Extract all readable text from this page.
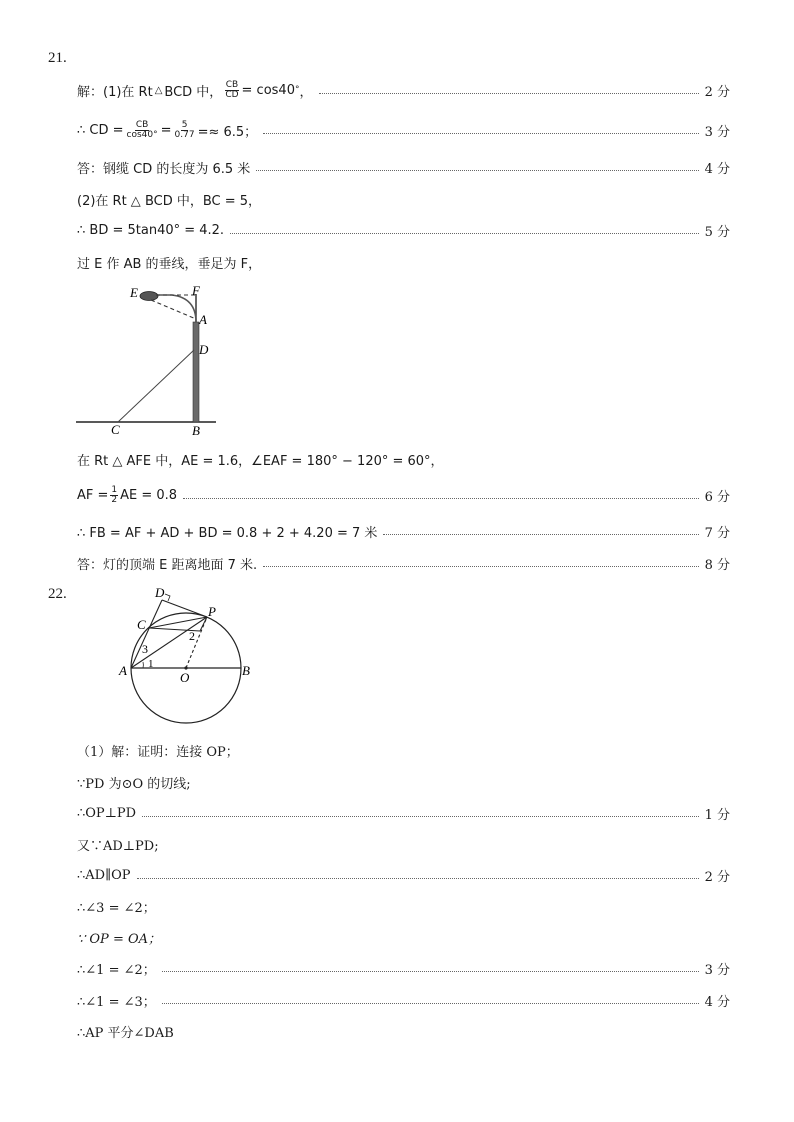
21.
解：(1)在 Rt △ BCD 中， $\frac{CB}{CD} = \cos 40$ ° ，	2 分
∴ CD = $\frac{CB}{\cos 40^\circ} = \frac{5}{0.77} =\approx 6.5$；	3 分
答：钢缆 CD 的长度为 6.5 米	4 分
(2)在 Rt △ BCD 中，BC = 5，
∴ BD = 5tan40° = 4.2.	5 分
过 E 作 AB 的垂线，垂足为 F，
E	F
A
D
C	B
在 Rt △ AFE 中，AE = 1.6，∠EAF = 180° − 120° = 60°，
AF = $\frac{1}{2}$ AE = 0.8	6 分
∴ FB = AF + AD + BD = 0.8 + 2 + 4.20 = 7 米	7 分
答：灯的顶端 E 距离地面 7 米.	8 分
22.	D
P
C
A	B
O
1
2
3
（1）解：证明：连接 OP；
∵PD 为⊙O 的切线;
∴OP⊥PD	1 分
又∵AD⊥PD;
∴AD∥OP	2 分
∴∠3 = ∠2；
∵ OP = OA；
∴∠1 = ∠2；	3 分
∴∠1 = ∠3；	4 分
∴AP 平分∠DAB
